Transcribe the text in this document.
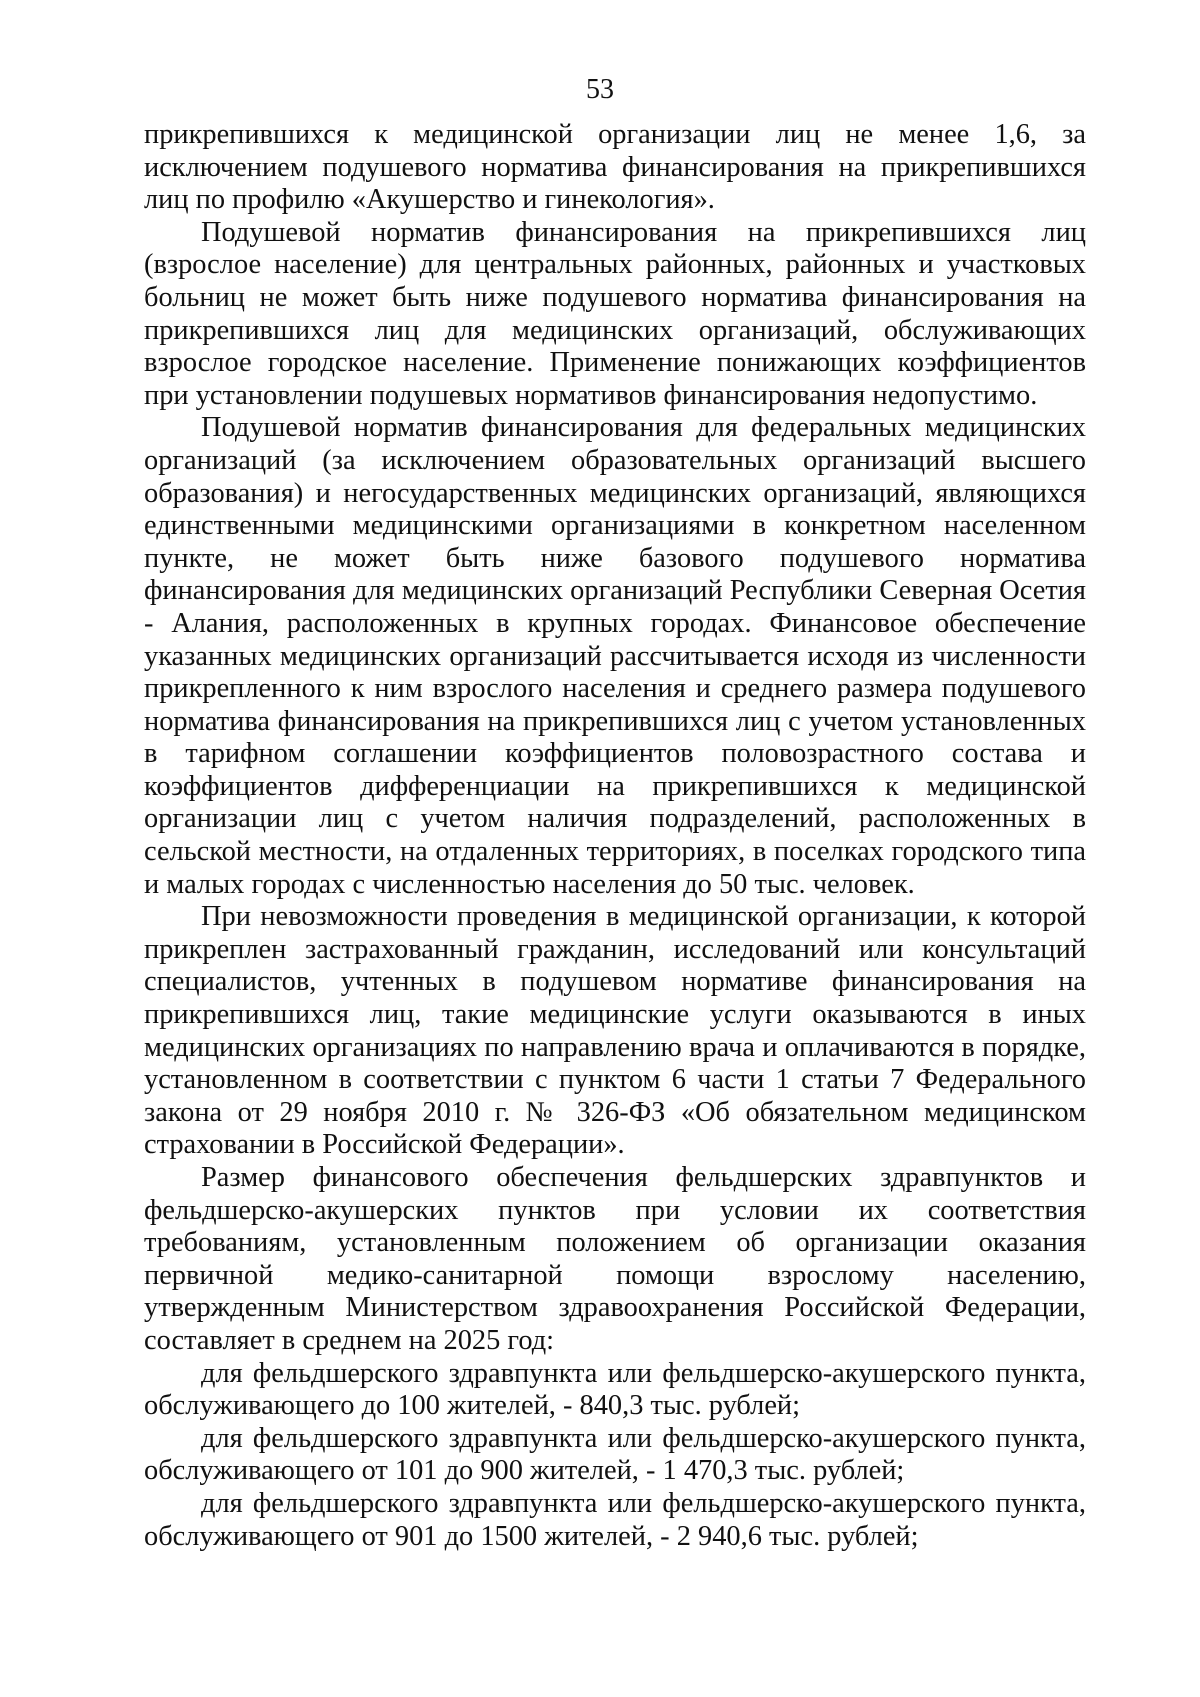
53

прикрепившихся к медицинской организации лиц не менее 1,6, за исключением подушевого норматива финансирования на прикрепившихся лиц по профилю «Акушерство и гинекология».

Подушевой норматив финансирования на прикрепившихся лиц (взрослое население) для центральных районных, районных и участковых больниц не может быть ниже подушевого норматива финансирования на прикрепившихся лиц для медицинских организаций, обслуживающих взрослое городское население. Применение понижающих коэффициентов при установлении подушевых нормативов финансирования недопустимо.

Подушевой норматив финансирования для федеральных медицинских организаций (за исключением образовательных организаций высшего образования) и негосударственных медицинских организаций, являющихся единственными медицинскими организациями в конкретном населенном пункте, не может быть ниже базового подушевого норматива финансирования для медицинских организаций Республики Северная Осетия - Алания, расположенных в крупных городах. Финансовое обеспечение указанных медицинских организаций рассчитывается исходя из численности прикрепленного к ним взрослого населения и среднего размера подушевого норматива финансирования на прикрепившихся лиц с учетом установленных в тарифном соглашении коэффициентов половозрастного состава и коэффициентов дифференциации на прикрепившихся к медицинской организации лиц с учетом наличия подразделений, расположенных в сельской местности, на отдаленных территориях, в поселках городского типа и малых городах с численностью населения до 50 тыс. человек.

При невозможности проведения в медицинской организации, к которой прикреплен застрахованный гражданин, исследований или консультаций специалистов, учтенных в подушевом нормативе финансирования на прикрепившихся лиц, такие медицинские услуги оказываются в иных медицинских организациях по направлению врача и оплачиваются в порядке, установленном в соответствии с пунктом 6 части 1 статьи 7 Федерального закона от 29 ноября 2010 г. № 326-ФЗ «Об обязательном медицинском страховании в Российской Федерации».

Размер финансового обеспечения фельдшерских здравпунктов и фельдшерско-акушерских пунктов при условии их соответствия требованиям, установленным положением об организации оказания первичной медико-санитарной помощи взрослому населению, утвержденным Министерством здравоохранения Российской Федерации, составляет в среднем на 2025 год:

для фельдшерского здравпункта или фельдшерско-акушерского пункта, обслуживающего до 100 жителей, - 840,3 тыс. рублей;

для фельдшерского здравпункта или фельдшерско-акушерского пункта, обслуживающего от 101 до 900 жителей, - 1 470,3 тыс. рублей;

для фельдшерского здравпункта или фельдшерско-акушерского пункта, обслуживающего от 901 до 1500 жителей, - 2 940,6 тыс. рублей;
